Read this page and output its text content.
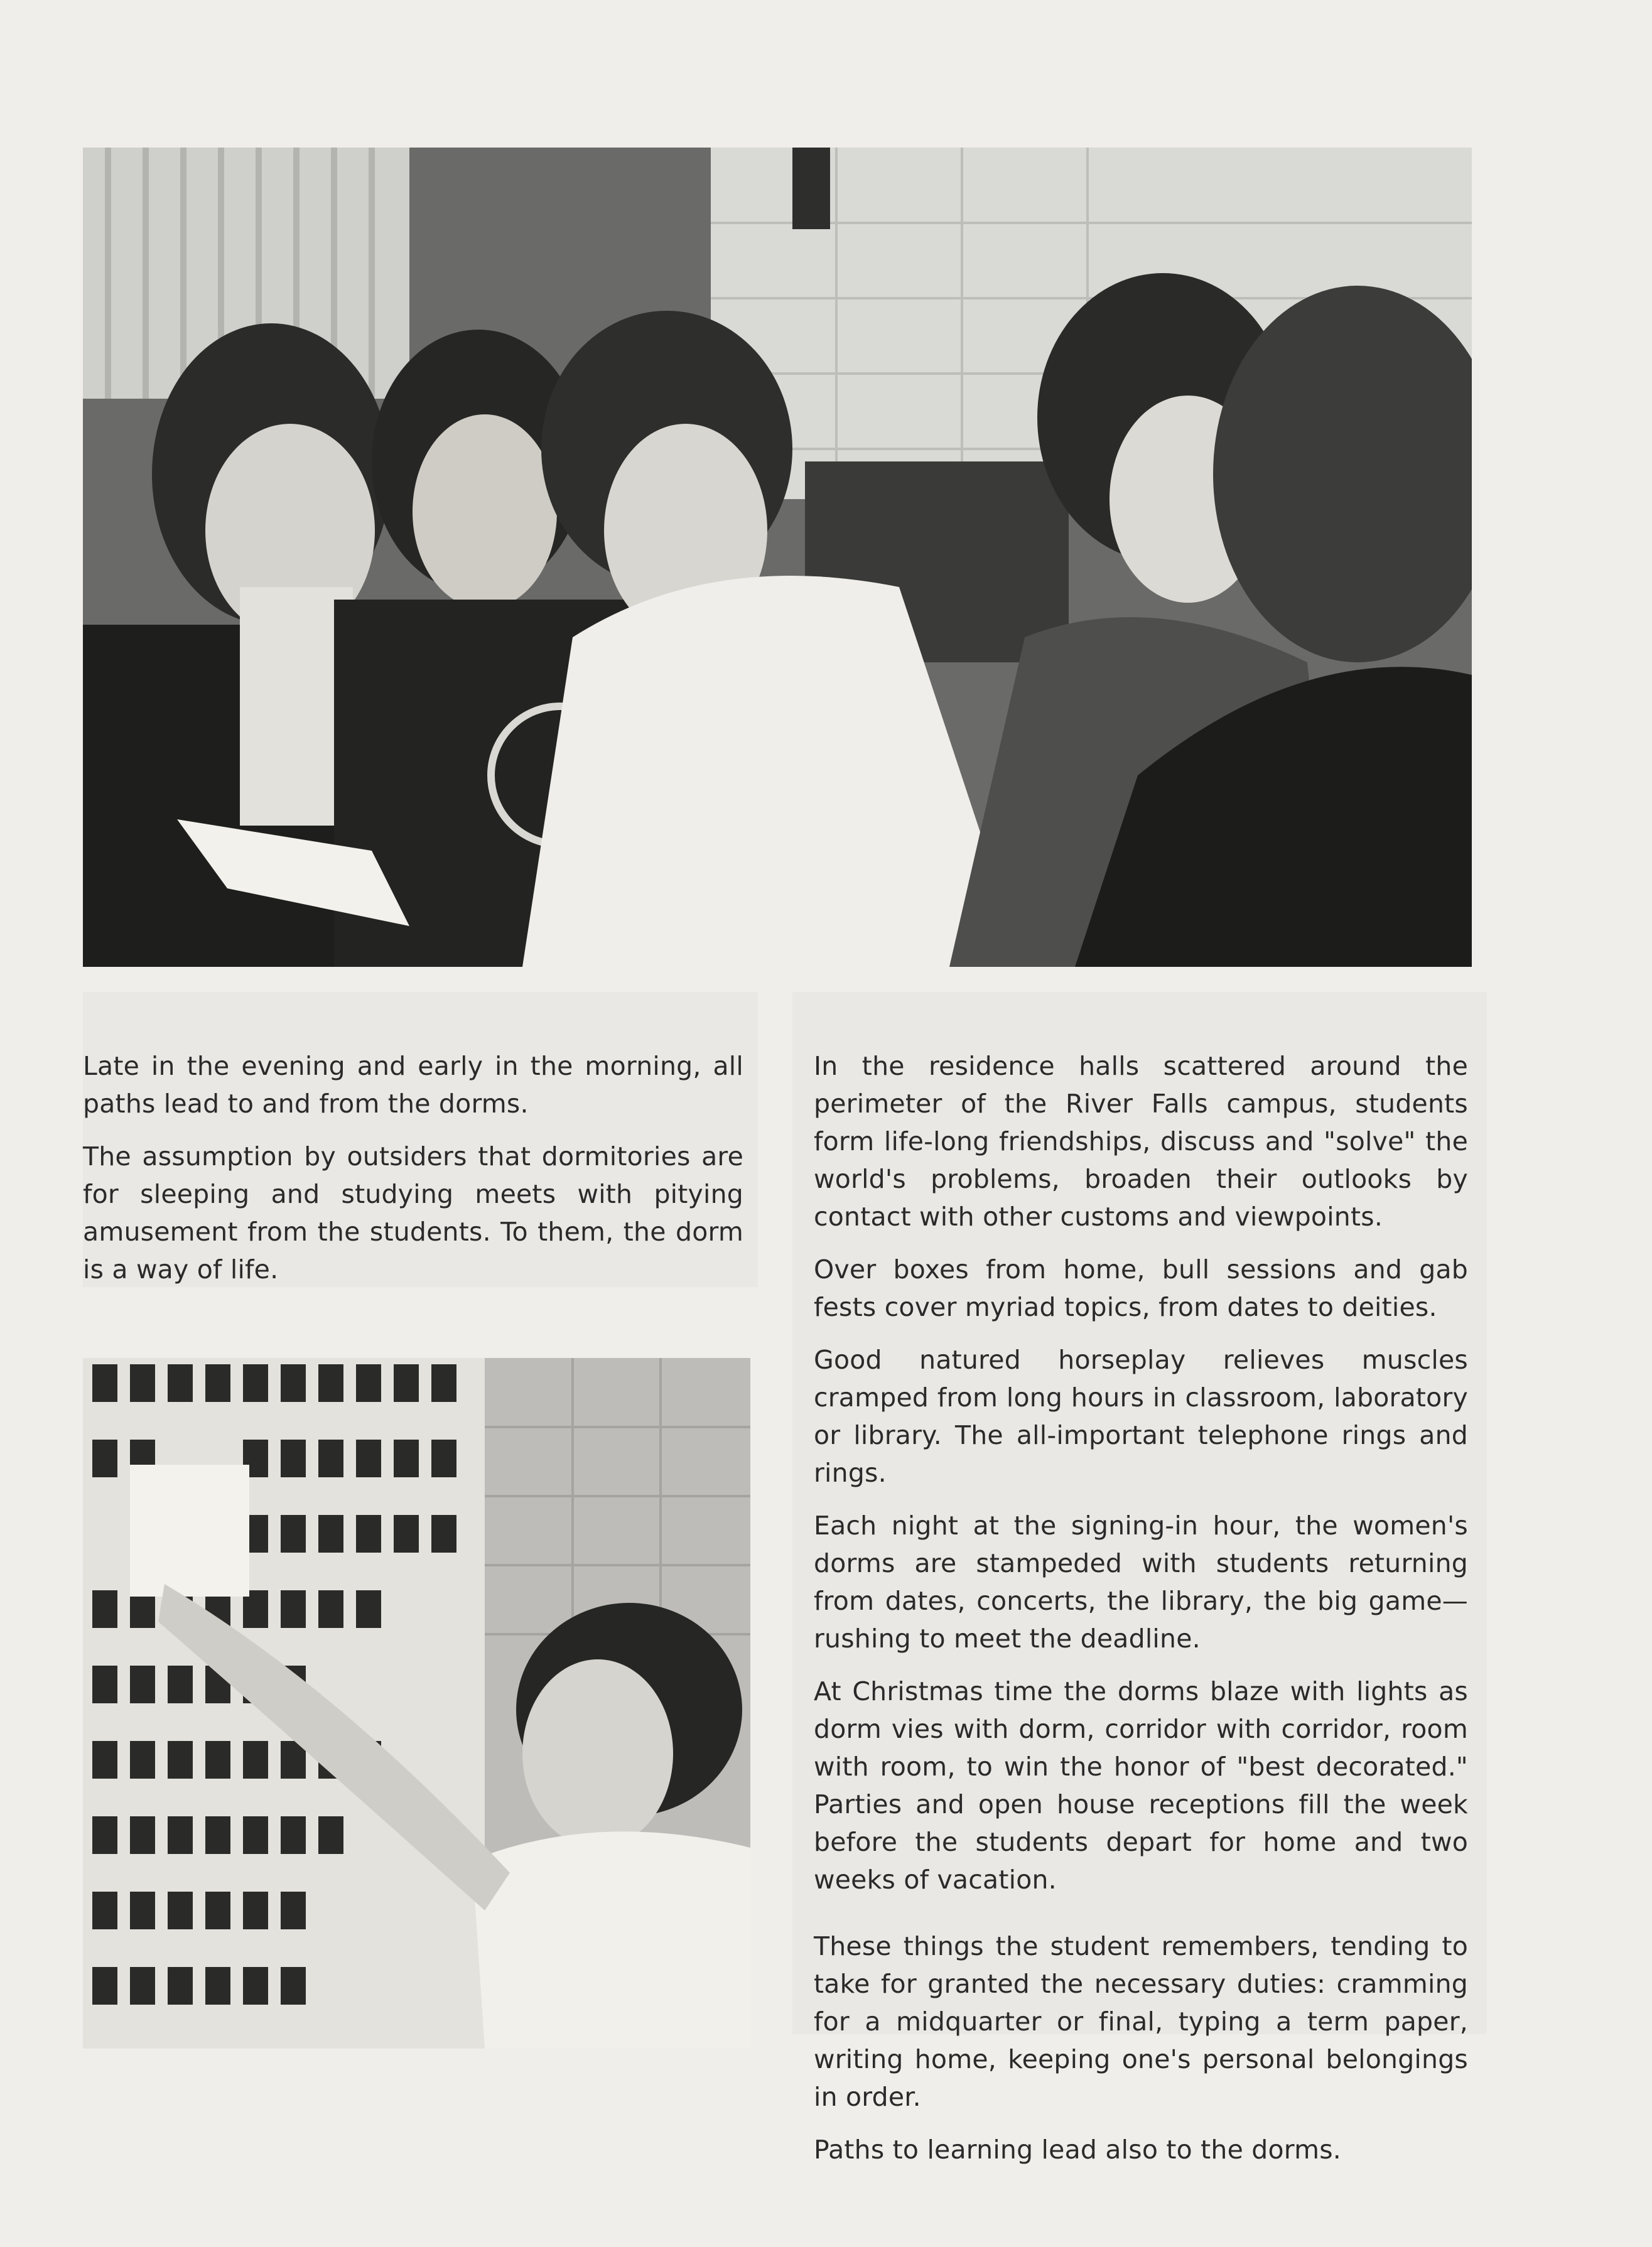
Late in the evening and early in the morning, all paths lead to and from the dorms.

The assumption by outsiders that dormitories are for sleeping and studying meets with pitying amusement from the students. To them, the dorm is a way of life.

In the residence halls scattered around the perimeter of the River Falls campus, students form life-long friendships, discuss and "solve" the world's problems, broaden their outlooks by contact with other customs and viewpoints.

Over boxes from home, bull sessions and gab fests cover myriad topics, from dates to deities.

Good natured horseplay relieves muscles cramped from long hours in classroom, laboratory or library. The all-important telephone rings and rings.

Each night at the signing-in hour, the women's dorms are stampeded with students returning from dates, concerts, the library, the big game—rushing to meet the deadline.

At Christmas time the dorms blaze with lights as dorm vies with dorm, corridor with corridor, room with room, to win the honor of "best decorated." Parties and open house receptions fill the week before the students depart for home and two weeks of vacation.

These things the student remembers, tending to take for granted the necessary duties: cramming for a midquarter or final, typing a term paper, writing home, keeping one's personal belongings in order.

Paths to learning lead also to the dorms.
